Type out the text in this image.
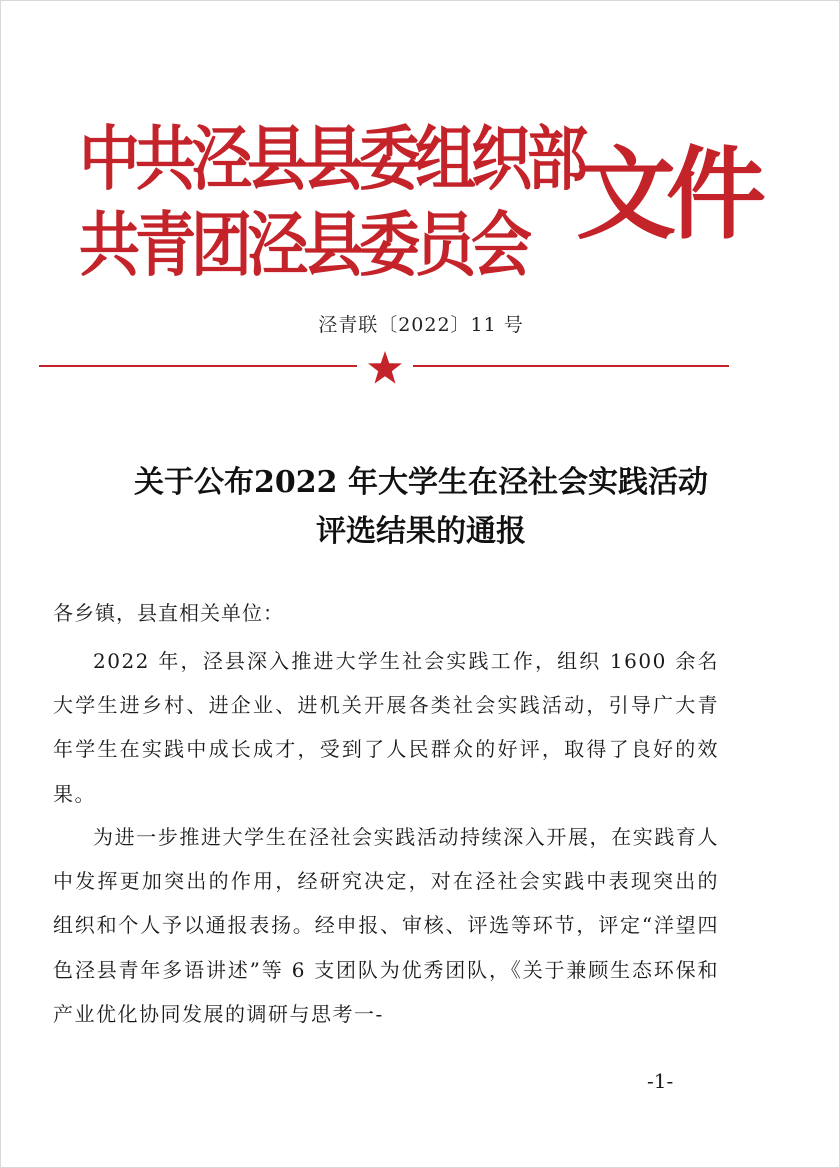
中共泾县县委组织部
共青团泾县委员会 文件
泾青联〔2022〕11 号
关于公布2022 年大学生在泾社会实践活动
评选结果的通报
各乡镇，县直相关单位：
2022 年，泾县深入推进大学生社会实践工作，组织 1600 余名大学生进乡村、进企业、进机关开展各类社会实践活动，引导广大青年学生在实践中成长成才，受到了人民群众的好评，取得了良好的效果。
为进一步推进大学生在泾社会实践活动持续深入开展，在实践育人中发挥更加突出的作用，经研究决定，对在泾社会实践中表现突出的组织和个人予以通报表扬。经申报、审核、评选等环节，评定“洋望四色泾县青年多语讲述”等 6 支团队为优秀团队，《关于兼顾生态环保和产业优化协同发展的调研与思考一-
-1-
